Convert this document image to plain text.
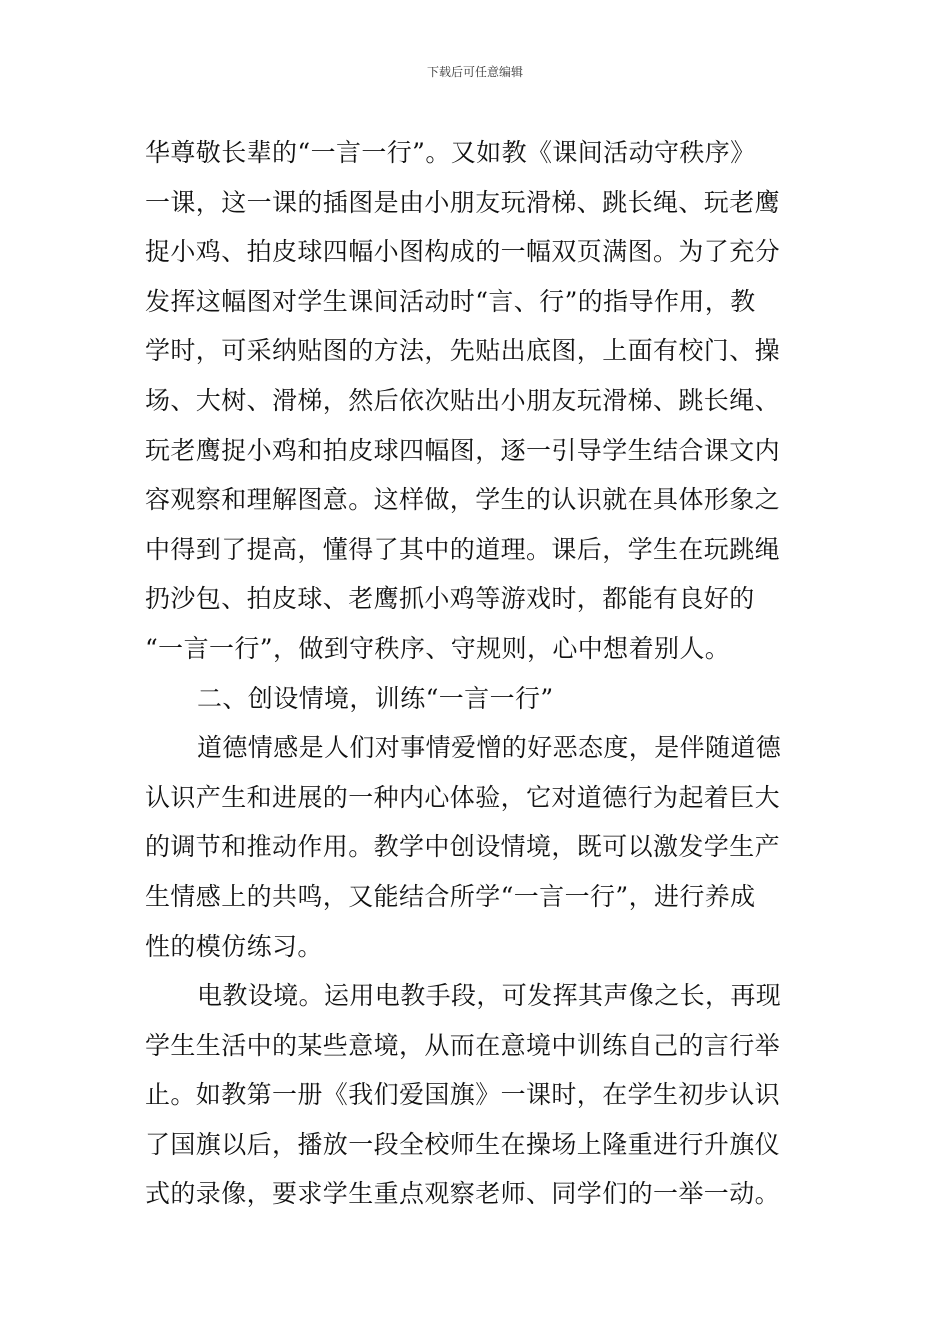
下载后可任意编辑
华尊敬长辈的“一言一行”。又如教《课间活动守秩序》
一课，这一课的插图是由小朋友玩滑梯、跳长绳、玩老鹰
捉小鸡、拍皮球四幅小图构成的一幅双页满图。为了充分
发挥这幅图对学生课间活动时“言、行”的指导作用，教
学时，可采纳贴图的方法，先贴出底图，上面有校门、操
场、大树、滑梯，然后依次贴出小朋友玩滑梯、跳长绳、
玩老鹰捉小鸡和拍皮球四幅图，逐一引导学生结合课文内
容观察和理解图意。这样做，学生的认识就在具体形象之
中得到了提高，懂得了其中的道理。课后，学生在玩跳绳
扔沙包、拍皮球、老鹰抓小鸡等游戏时，都能有良好的
“一言一行”，做到守秩序、守规则，心中想着别人。
二、创设情境，训练“一言一行”
道德情感是人们对事情爱憎的好恶态度，是伴随道德
认识产生和进展的一种内心体验，它对道德行为起着巨大
的调节和推动作用。教学中创设情境，既可以激发学生产
生情感上的共鸣，又能结合所学“一言一行”，进行养成
性的模仿练习。
电教设境。运用电教手段，可发挥其声像之长，再现
学生生活中的某些意境，从而在意境中训练自己的言行举
止。如教第一册《我们爱国旗》一课时，在学生初步认识
了国旗以后，播放一段全校师生在操场上隆重进行升旗仪
式的录像，要求学生重点观察老师、同学们的一举一动。
